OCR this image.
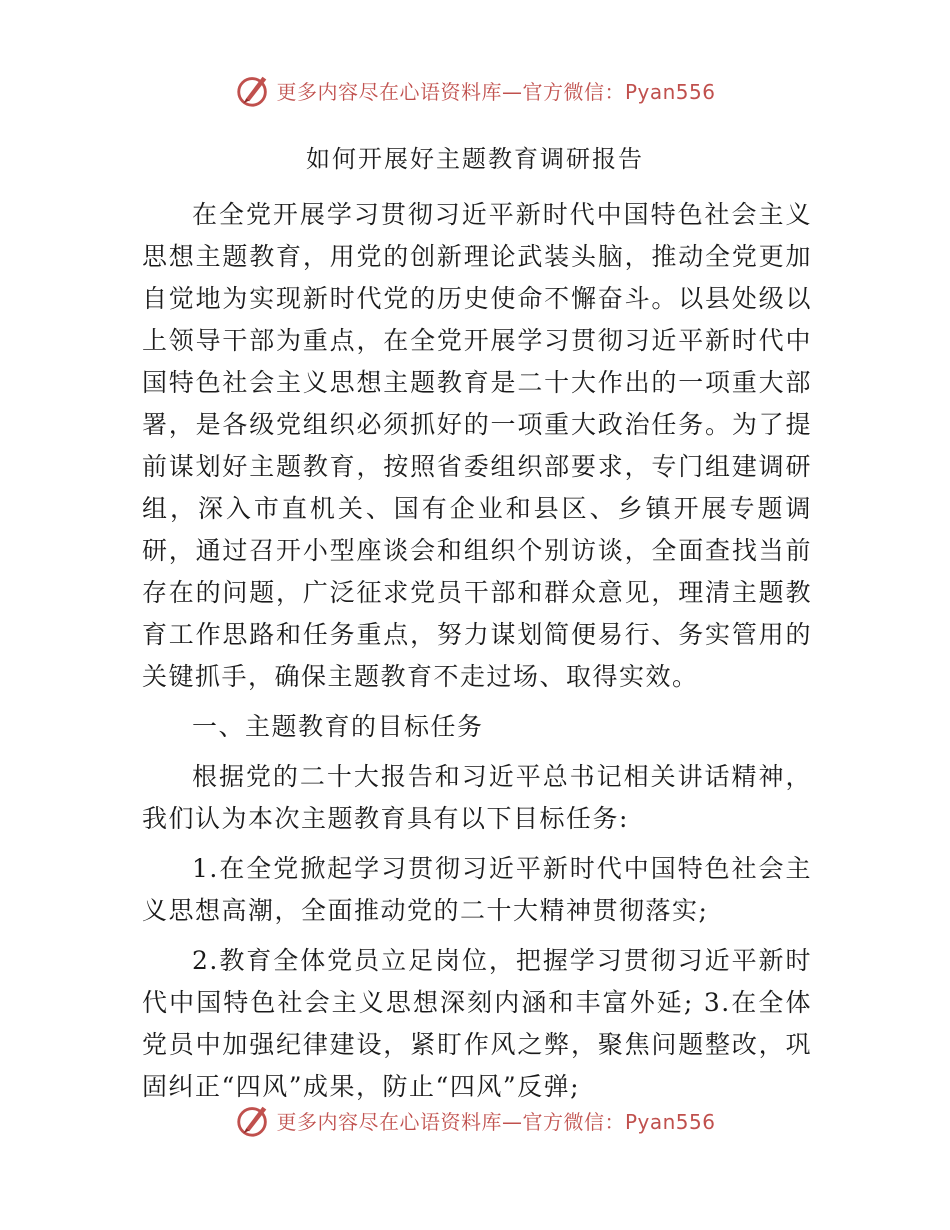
更多内容尽在心语资料库—官方微信：Pyan556
如何开展好主题教育调研报告

在全党开展学习贯彻习近平新时代中国特色社会主义思想主题教育，用党的创新理论武装头脑，推动全党更加自觉地为实现新时代党的历史使命不懈奋斗。以县处级以上领导干部为重点，在全党开展学习贯彻习近平新时代中国特色社会主义思想主题教育是二十大作出的一项重大部署，是各级党组织必须抓好的一项重大政治任务。为了提前谋划好主题教育，按照省委组织部要求，专门组建调研组，深入市直机关、国有企业和县区、乡镇开展专题调研，通过召开小型座谈会和组织个别访谈，全面查找当前存在的问题，广泛征求党员干部和群众意见，理清主题教育工作思路和任务重点，努力谋划简便易行、务实管用的关键抓手，确保主题教育不走过场、取得实效。

一、主题教育的目标任务

根据党的二十大报告和习近平总书记相关讲话精神，我们认为本次主题教育具有以下目标任务:

1.在全党掀起学习贯彻习近平新时代中国特色社会主义思想高潮，全面推动党的二十大精神贯彻落实;

2.教育全体党员立足岗位，把握学习贯彻习近平新时代中国特色社会主义思想深刻内涵和丰富外延; 3.在全体党员中加强纪律建设，紧盯作风之弊，聚焦问题整改，巩固纠正“四风”成果，防止“四风”反弹;

更多内容尽在心语资料库—官方微信：Pyan556
